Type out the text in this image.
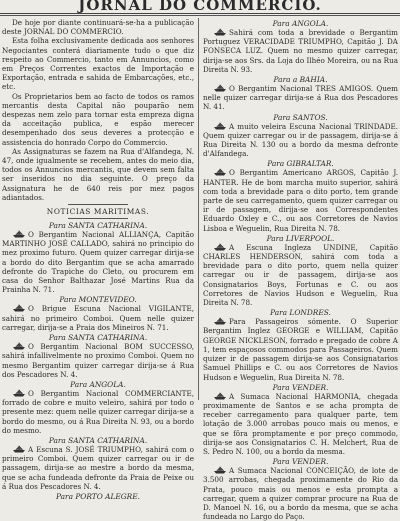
JORNAL DO COMMERCIO.

De hoje por diante continuará-se-ha a publicação deste JORNAL DO COMMERCIO.

Esta folha exclusivamente dedicada aos senhores Negociantes conterá diariamente tudo o que diz respeito ao Commercio, tanto em Annuncios, como em Preços Correntes exactos de Importação e Exportação, entrada e sahida de Embarcações, etc., etc.

Os Proprietarios bem ao facto de todos os ramos mercantis desta Capital não pouparão nem despezas nem zelo para tornar esta empreza digna da acceitação publica, e espão merecer desempenhado dos seus deveres a protecção e assistencia do honrado Corpo do Commercio.

As Assignaturas se fazem na Rua d'Alfandega, N. 47, onde igualmente se recebem, antes do meio dia, todos os Annuncios mercantis, que devem sem falta ser inseridos no dia seguinte. O preço da Assignatura he de 640 reis por mez pagos adiantados.

NOTICIAS MARITIMAS.
Para SANTA CATHARINA.

O Bergantim Nacional ALLIANÇA, Capitão MARTINHO JOSÉ CALLADO, sahirá no principio do mez proximo futuro. Quem quizer carregar dirija-se a bordo do dito Bergantim que se acha amarrado defronte do Trapiche do Cleto, ou procurem em casa do Senhor Balthazar José Martins Rua da Prainha N. 71.

Para MONTEVIDEO.

O Brigue Escuna Nacional VIGILANTE, sahirá no primeiro Comboi. Quem nelle quizer carregar, dirija-se a Praia dos Mineiros N. 71.

Para SANTA CATHARINA.

O Bergantim Nacional BOM SUCCESSO, sahirá infallivelmente no proximo Comboi. Quem no mesmo Bergantim quizer carregar dirija-se á Rua dos Pescadores N. 4.

Para ANGOLA.

O Bergantim Nacional COMMERCIANTE, forrado de cobre e muito veleiro, sahirá por todo o presente mez: quem nelle quizer carregar dirija-se a bordo do mesmo, ou á Rua Direita N. 93, ou a bordo do mesmo.

Para SANTA CATHARINA.

A Escuna S. JOSÉ TRIUMPHO, sahirá com o primeiro Comboi. Quem quizer carregar ou ir de passagem, dirija-se ao mestre a bordo da mesma, que se acha fundeada defronte da Praia de Peixe ou á Rua dos Pescadores N. 4.

Para PORTO ALEGRE.
Para ANGOLA.

Sahirá com toda a brevidade o Bergantim Portuguez VERACIDADE TRIUMPHO, Capitão J. DA FONSECA LUZ. Quem no mesmo quizer carregar, dirija-se aos Srs. da Loja do Ilhéo Moreira, ou na Rua Direita N. 93.

Para a BAHIA.

O Bergantim Nacional TRES AMIGOS. Quem nelle quizer carregar dirija-se á Rua dos Pescadores N. 41.

Para SANTOS.

A muito veleira Escuna Nacional TRINDADE. Quem quizer carregar ou ir de passagem, dirija-se á Rua Direita N. 130 ou a bordo da mesma defronte d'Alfandega.

Para GIBRALTAR.

O Bergantim Americano ARGOS, Capitão J. HANTER. He de bom marcha muito superior, sahirá com toda a brevidade para o dito porto, tem grande parte de seu carregamento, quem quizer carregar ou ir de passagem, dirija-se aos Correspondentes Eduardo Oxley e C., ou aos Corretores de Navios Lisboa e Weguelin, Rua Direita N. 78.

Para LIVERPOOL.

A Escuna Ingleza UNDINE, Capitão CHARLES HENDERSON, sahirá com toda a brevidade para o dito porto, quem nella quizer carregar ou ir de passagem, dirija-se aos Consignatarios Boys, Fortunas e C. ou aos Corretores de Navios Hudson e Weguelin, Rua Direita N. 78.

Para LONDRES.

Para Passageiros sómente. O Superior Bergantim Inglez GEORGE e WILLIAM, Capitão GEORGE NICKLESON, forrado e pregado de cobre A 1, tem espaçosos commodos para Passageiros. Quem quizer ir de passagem dirija-se aos Consignatarios Samuel Phillips e C. ou aos Corretores de Navios Hudson e Weguelin, Rua Direita N. 78.

Para VENDER.

A Sumaca Nacional HARMONIA, chegada proximamente de Santos e se acha prompta de receber carregamento para qualquer parte, tem lotação de 3.000 arrobas pouco mais ou menos, e que se fôra promptamente e por preço commodo, dirija-se aos Consignatarios C. H. Melchert, Rua de S. Pedro N. 100, ou a bordo da mesma.

Para VENDER.

A Sumaca Nacional CONCEIÇÃO, de lote de 3.500 arrobas, chegada proximamente do Rio da Prata, pouco mais ou menos e esta prompta a carregar, quem a quizer comprar procure na Rua de D. Manoel N. 16, ou a bordo da mesma, que se acha fundeada no Largo do Paço.
